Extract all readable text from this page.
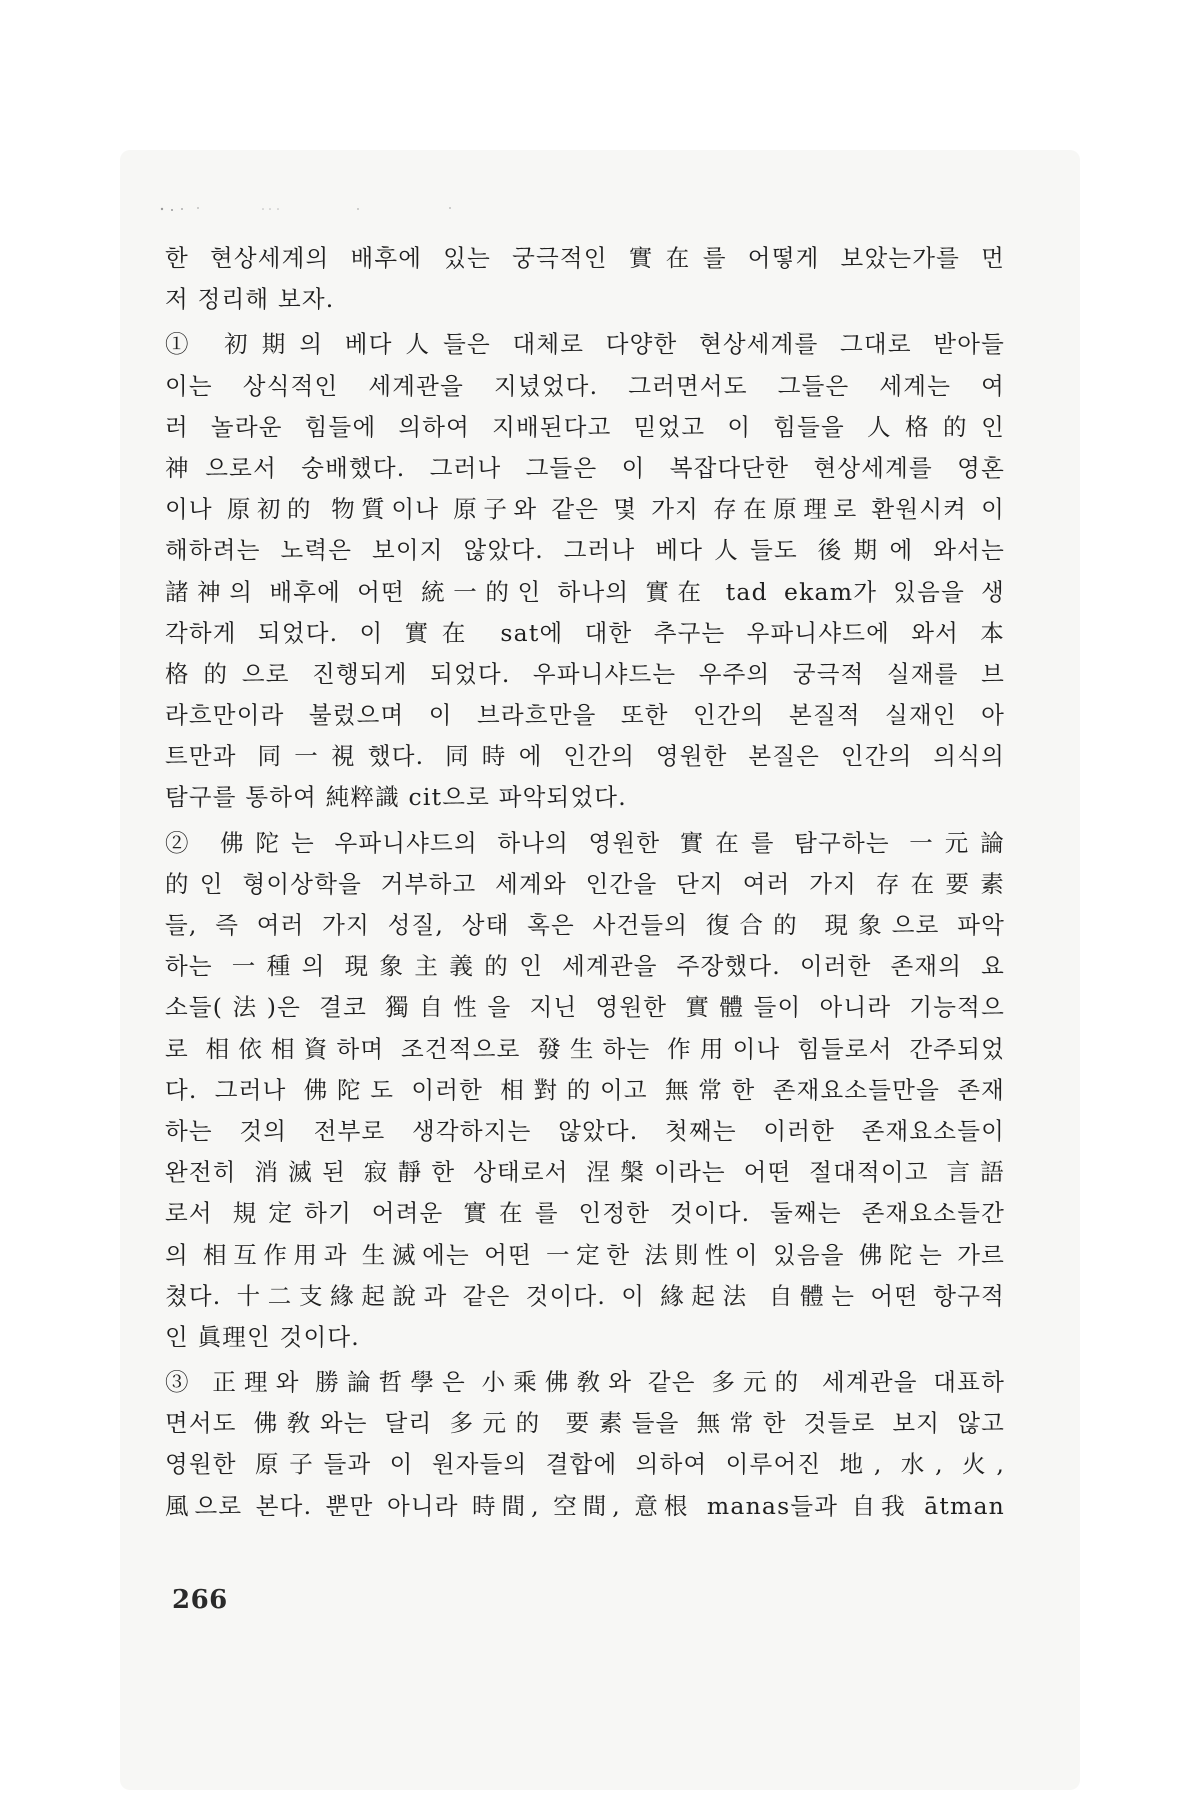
한 현상세계의 배후에 있는 궁극적인 實在를 어떻게 보았는가를 먼
저 정리해 보자.
① 初期의 베다人들은 대체로 다양한 현상세계를 그대로 받아들
이는 상식적인 세계관을 지녔었다. 그러면서도 그들은 세계는 여
러 놀라운 힘들에 의하여 지배된다고 믿었고 이 힘들을 人格的인
神으로서 숭배했다. 그러나 그들은 이 복잡다단한 현상세계를 영혼
이나 原初的 物質이나 原子와 같은 몇 가지 存在原理로 환원시켜 이
해하려는 노력은 보이지 않았다. 그러나 베다人들도 後期에 와서는
諸神의 배후에 어떤 統一的인 하나의 實在 tad ekam가 있음을 생
각하게 되었다. 이 實在 sat에 대한 추구는 우파니샤드에 와서 本
格的으로 진행되게 되었다. 우파니샤드는 우주의 궁극적 실재를 브
라흐만이라 불렀으며 이 브라흐만을 또한 인간의 본질적 실재인 아
트만과 同一視했다. 同時에 인간의 영원한 본질은 인간의 의식의
탐구를 통하여 純粹識 cit으로 파악되었다.
② 佛陀는 우파니샤드의 하나의 영원한 實在를 탐구하는 一元論
的인 형이상학을 거부하고 세계와 인간을 단지 여러 가지 存在要素
들, 즉 여러 가지 성질, 상태 혹은 사건들의 復合的 現象으로 파악
하는 一種의 現象主義的인 세계관을 주장했다. 이러한 존재의 요
소들(法)은 결코 獨自性을 지닌 영원한 實體들이 아니라 기능적으
로 相依相資하며 조건적으로 發生하는 作用이나 힘들로서 간주되었
다. 그러나 佛陀도 이러한 相對的이고 無常한 존재요소들만을 존재
하는 것의 전부로 생각하지는 않았다. 첫째는 이러한 존재요소들이
완전히 消滅된 寂靜한 상태로서 涅槃이라는 어떤 절대적이고 言語
로서 規定하기 어려운 實在를 인정한 것이다. 둘째는 존재요소들간
의 相互作用과 生滅에는 어떤 一定한 法則性이 있음을 佛陀는 가르
쳤다. 十二支緣起說과 같은 것이다. 이 緣起法 自體는 어떤 항구적
인 眞理인 것이다.
③ 正理와 勝論哲學은 小乘佛敎와 같은 多元的 세계관을 대표하
면서도 佛敎와는 달리 多元的 要素들을 無常한 것들로 보지 않고
영원한 原子들과 이 원자들의 결합에 의하여 이루어진 地, 水, 火,
風으로 본다. 뿐만 아니라 時間, 空間, 意根 manas들과 自我 ātman
266
